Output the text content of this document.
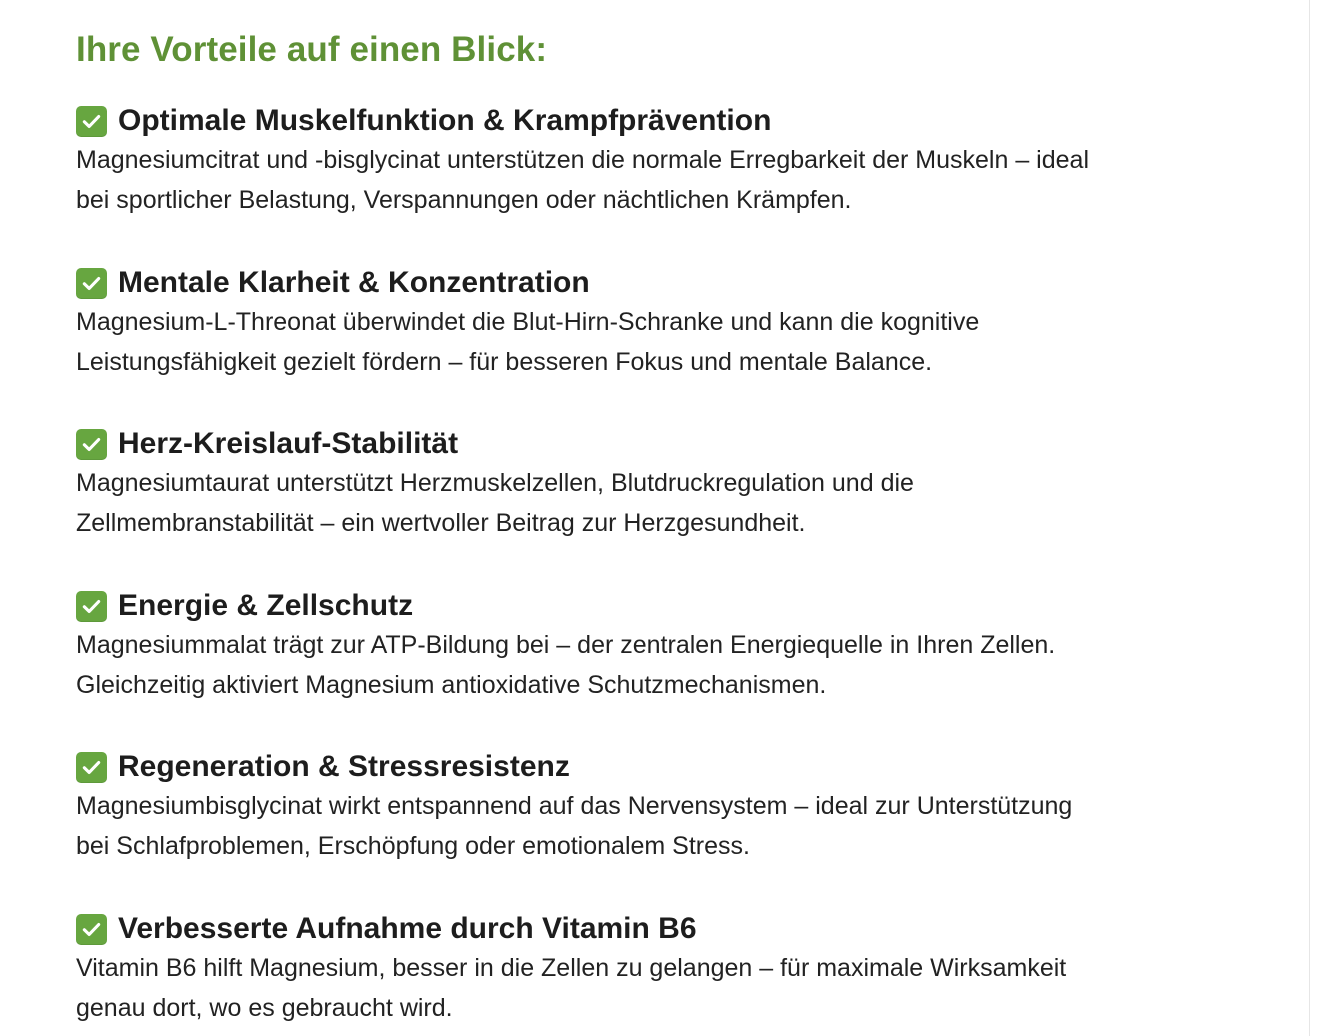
Ihre Vorteile auf einen Blick:
Optimale Muskelfunktion & Krampfprävention

Magnesiumcitrat und -bisglycinat unterstützen die normale Erregbarkeit der Muskeln – ideal
bei sportlicher Belastung, Verspannungen oder nächtlichen Krämpfen.

Mentale Klarheit & Konzentration

Magnesium-L-Threonat überwindet die Blut-Hirn-Schranke und kann die kognitive
Leistungsfähigkeit gezielt fördern – für besseren Fokus und mentale Balance.

Herz-Kreislauf-Stabilität

Magnesiumtaurat unterstützt Herzmuskelzellen, Blutdruckregulation und die
Zellmembranstabilität – ein wertvoller Beitrag zur Herzgesundheit.

Energie & Zellschutz

Magnesiummalat trägt zur ATP-Bildung bei – der zentralen Energiequelle in Ihren Zellen.
Gleichzeitig aktiviert Magnesium antioxidative Schutzmechanismen.

Regeneration & Stressresistenz

Magnesiumbisglycinat wirkt entspannend auf das Nervensystem – ideal zur Unterstützung
bei Schlafproblemen, Erschöpfung oder emotionalem Stress.

Verbesserte Aufnahme durch Vitamin B6

Vitamin B6 hilft Magnesium, besser in die Zellen zu gelangen – für maximale Wirksamkeit
genau dort, wo es gebraucht wird.
